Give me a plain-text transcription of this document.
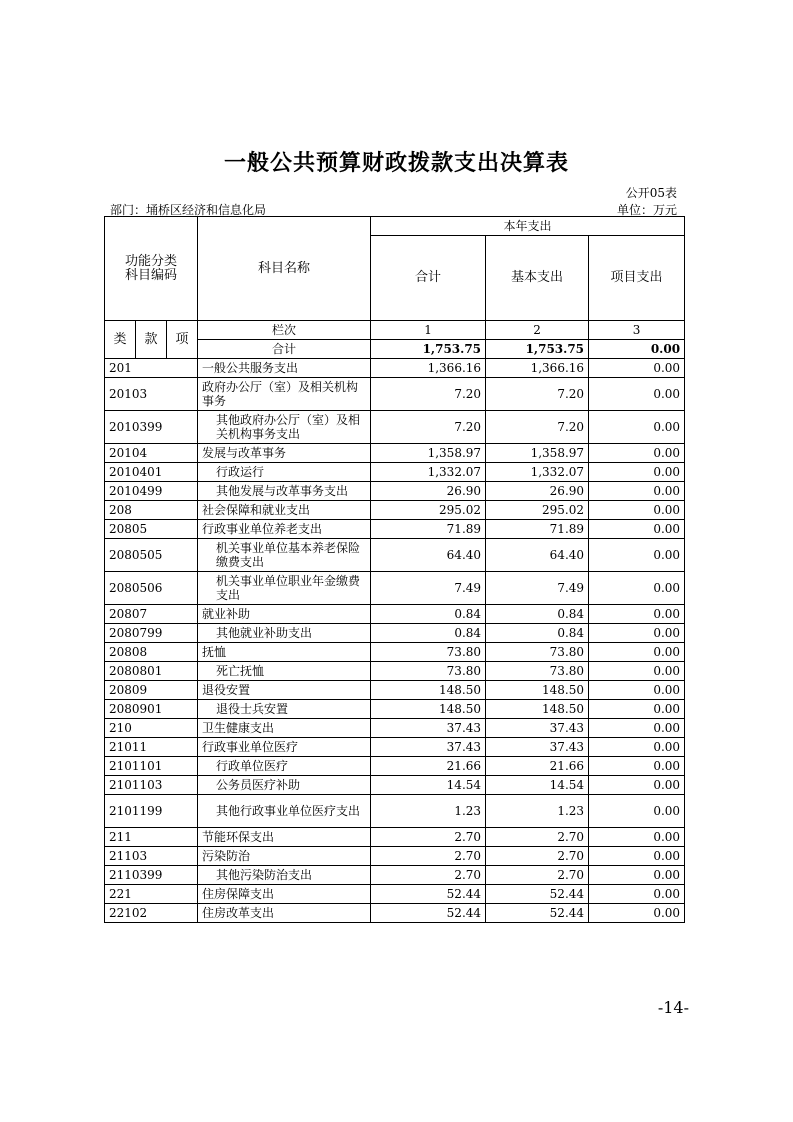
一般公共预算财政拨款支出决算表
公开05表
部门：埇桥区经济和信息化局	单位：万元
功能分类
科目编码			科目名称	本年支出		
				合计	基本支出	项目支出
类	款	项	栏次	1	2	3
			合计	1,753.75	1,753.75	0.00
201			一般公共服务支出	1,366.16	1,366.16	0.00
20103			政府办公厅（室）及相关机构事务	7.20	7.20	0.00
2010399			其他政府办公厅（室）及相关机构事务支出	7.20	7.20	0.00
20104			发展与改革事务	1,358.97	1,358.97	0.00
2010401			行政运行	1,332.07	1,332.07	0.00
2010499			其他发展与改革事务支出	26.90	26.90	0.00
208			社会保障和就业支出	295.02	295.02	0.00
20805			行政事业单位养老支出	71.89	71.89	0.00
2080505			机关事业单位基本养老保险缴费支出	64.40	64.40	0.00
2080506			机关事业单位职业年金缴费支出	7.49	7.49	0.00
20807			就业补助	0.84	0.84	0.00
2080799			其他就业补助支出	0.84	0.84	0.00
20808			抚恤	73.80	73.80	0.00
2080801			死亡抚恤	73.80	73.80	0.00
20809			退役安置	148.50	148.50	0.00
2080901			退役士兵安置	148.50	148.50	0.00
210			卫生健康支出	37.43	37.43	0.00
21011			行政事业单位医疗	37.43	37.43	0.00
2101101			行政单位医疗	21.66	21.66	0.00
2101103			公务员医疗补助	14.54	14.54	0.00
2101199			其他行政事业单位医疗支出	1.23	1.23	0.00
211			节能环保支出	2.70	2.70	0.00
21103			污染防治	2.70	2.70	0.00
2110399			其他污染防治支出	2.70	2.70	0.00
221			住房保障支出	52.44	52.44	0.00
22102			住房改革支出	52.44	52.44	0.00
-14-
